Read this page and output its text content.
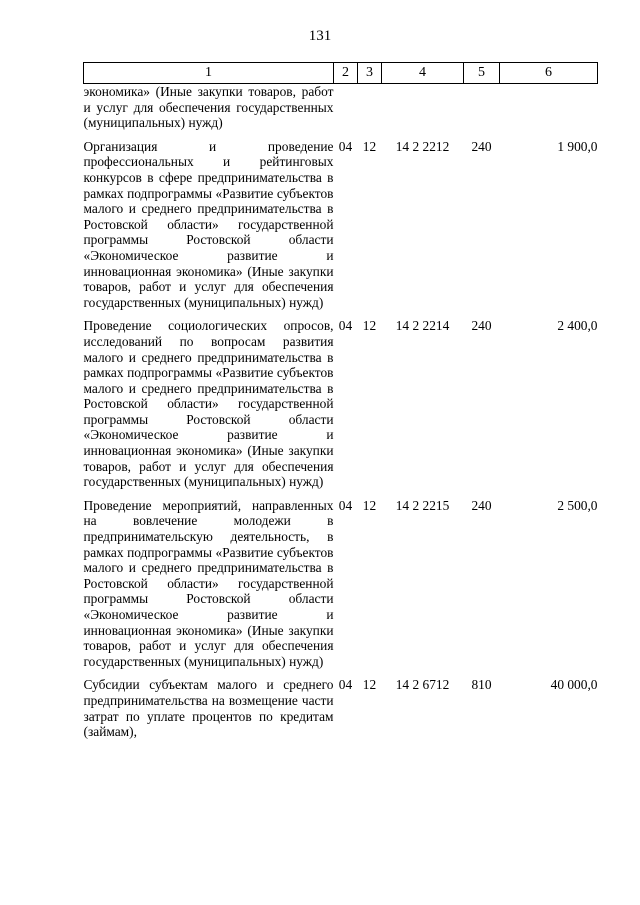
131
1	2	3	4	5	6
экономика» (Иные закупки товаров, работ и услуг для обеспечения государственных (муниципальных) нужд)					

Организация и проведение профессиональных и рейтинговых конкурсов в сфере предпринимательства в рамках подпрограммы «Развитие субъектов малого и среднего предпринимательства в Ростовской области» государственной программы Ростовской области «Экономическое развитие и инновационная экономика» (Иные закупки товаров, работ и услуг для обеспечения государственных (муниципальных) нужд)	04	12	14 2 2212	240	1 900,0

Проведение социологических опросов, исследований по вопросам развития малого и среднего предпринимательства в рамках подпрограммы «Развитие субъектов малого и среднего предпринимательства в Ростовской области» государственной программы Ростовской области «Экономическое развитие и инновационная экономика» (Иные закупки товаров, работ и услуг для обеспечения государственных (муниципальных) нужд)	04	12	14 2 2214	240	2 400,0

Проведение мероприятий, направленных на вовлечение молодежи в предпринимательскую деятельность, в рамках подпрограммы «Развитие субъектов малого и среднего предпринимательства в Ростовской области» государственной программы Ростовской области «Экономическое развитие и инновационная экономика» (Иные закупки товаров, работ и услуг для обеспечения государственных (муниципальных) нужд)	04	12	14 2 2215	240	2 500,0

Субсидии субъектам малого и среднего предпринимательства на возмещение части затрат по уплате процентов по кредитам (займам),	04	12	14 2 6712	810	40 000,0
